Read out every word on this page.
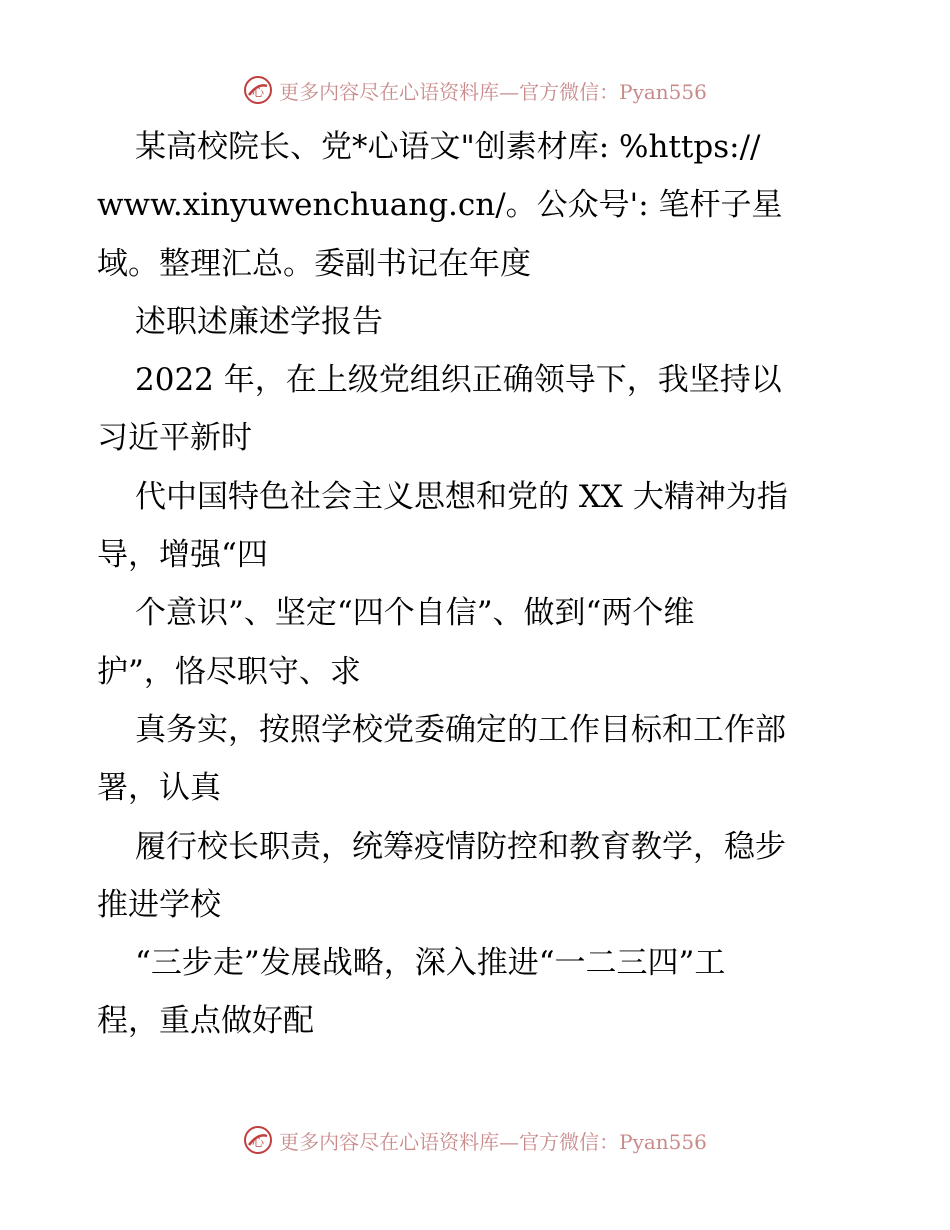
心 更多内容尽在心语资料库—官方微信：Pyan556
某高校院长、党*心语文"创素材库: %https://
www.xinyuwenchuang.cn/。公众号': 笔杆子星
域。整理汇总。委副书记在年度
述职述廉述学报告
2022 年，在上级党组织正确领导下，我坚持以
习近平新时
代中国特色社会主义思想和党的 XX 大精神为指
导，增强“四
个意识”、坚定“四个自信”、做到“两个维
护”，恪尽职守、求
真务实，按照学校党委确定的工作目标和工作部
署，认真
履行校长职责，统筹疫情防控和教育教学，稳步
推进学校
“三步走”发展战略，深入推进“一二三四”工
程，重点做好配
心 更多内容尽在心语资料库—官方微信：Pyan556
